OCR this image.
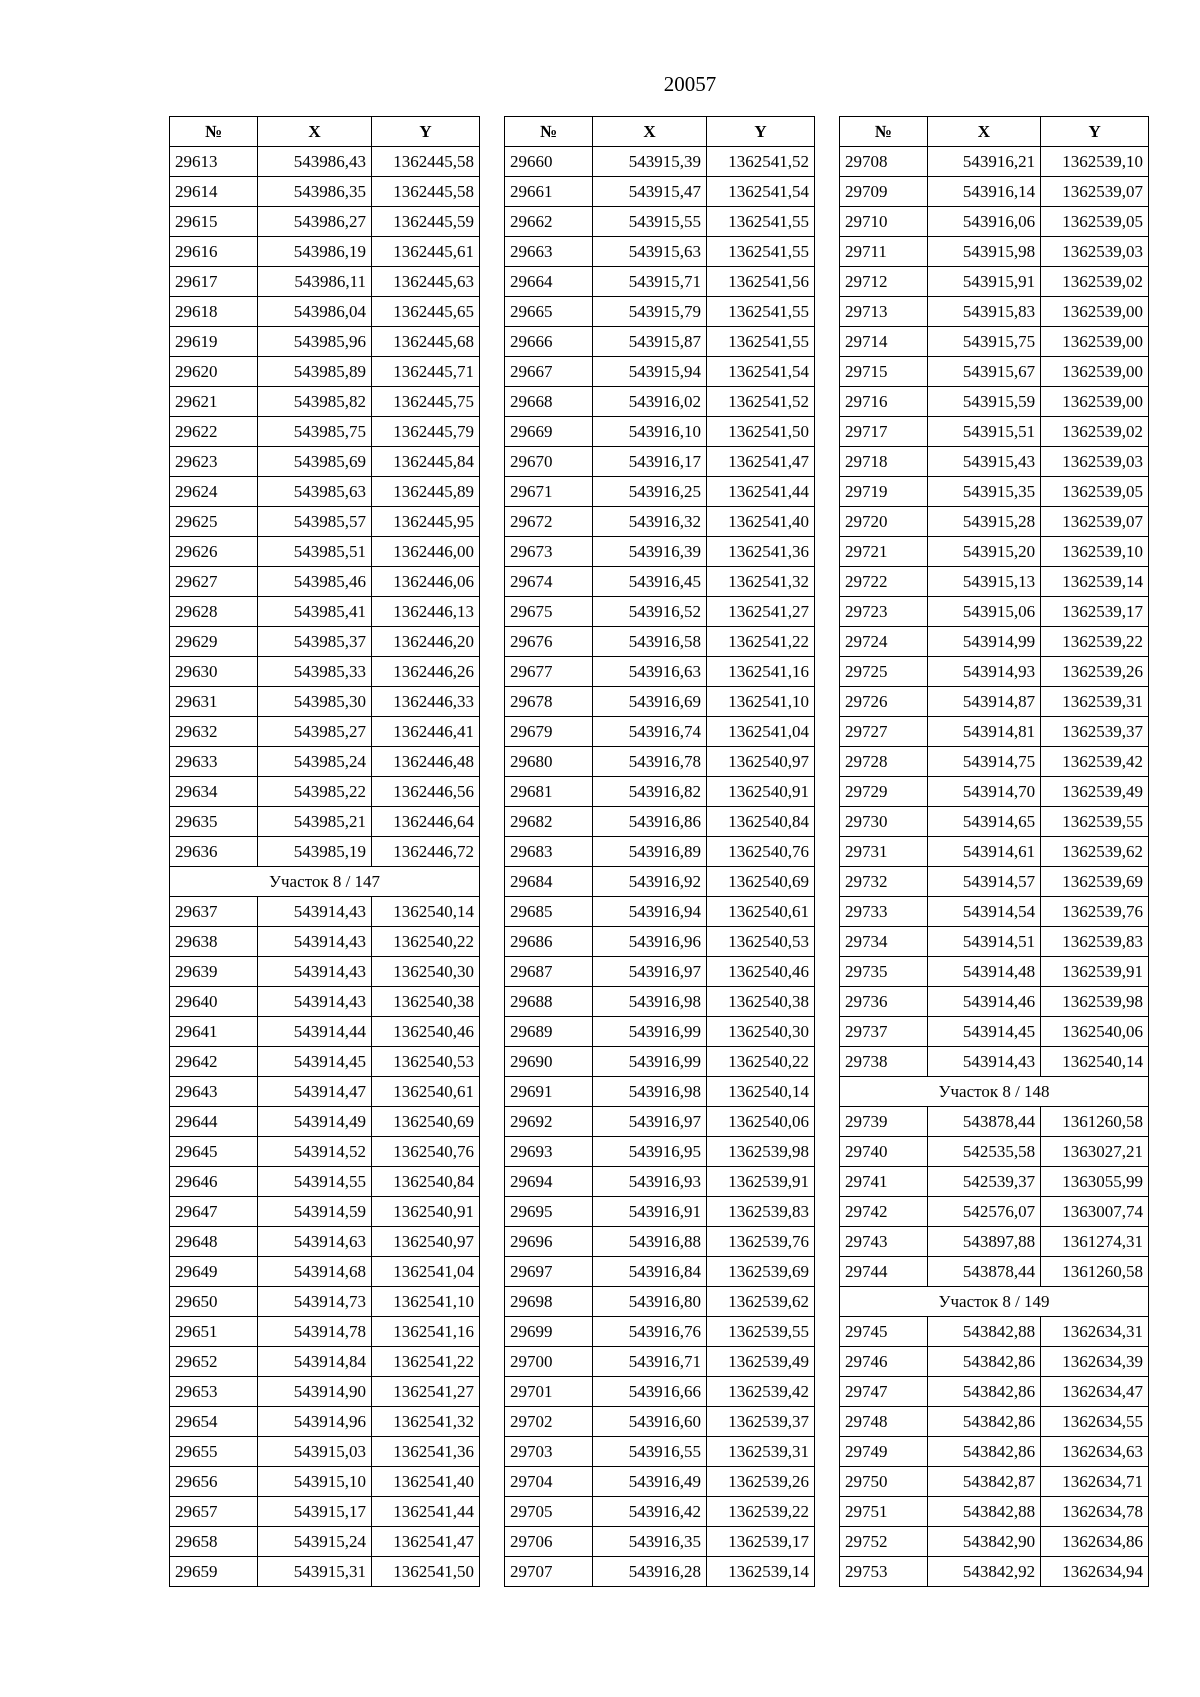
20057
№	X	Y
29613	543986,43	1362445,58
29614	543986,35	1362445,58
29615	543986,27	1362445,59
29616	543986,19	1362445,61
29617	543986,11	1362445,63
29618	543986,04	1362445,65
29619	543985,96	1362445,68
29620	543985,89	1362445,71
29621	543985,82	1362445,75
29622	543985,75	1362445,79
29623	543985,69	1362445,84
29624	543985,63	1362445,89
29625	543985,57	1362445,95
29626	543985,51	1362446,00
29627	543985,46	1362446,06
29628	543985,41	1362446,13
29629	543985,37	1362446,20
29630	543985,33	1362446,26
29631	543985,30	1362446,33
29632	543985,27	1362446,41
29633	543985,24	1362446,48
29634	543985,22	1362446,56
29635	543985,21	1362446,64
29636	543985,19	1362446,72
Участок 8 / 147		
29637	543914,43	1362540,14
29638	543914,43	1362540,22
29639	543914,43	1362540,30
29640	543914,43	1362540,38
29641	543914,44	1362540,46
29642	543914,45	1362540,53
29643	543914,47	1362540,61
29644	543914,49	1362540,69
29645	543914,52	1362540,76
29646	543914,55	1362540,84
29647	543914,59	1362540,91
29648	543914,63	1362540,97
29649	543914,68	1362541,04
29650	543914,73	1362541,10
29651	543914,78	1362541,16
29652	543914,84	1362541,22
29653	543914,90	1362541,27
29654	543914,96	1362541,32
29655	543915,03	1362541,36
29656	543915,10	1362541,40
29657	543915,17	1362541,44
29658	543915,24	1362541,47
29659	543915,31	1362541,50
№	X	Y
29660	543915,39	1362541,52
29661	543915,47	1362541,54
29662	543915,55	1362541,55
29663	543915,63	1362541,55
29664	543915,71	1362541,56
29665	543915,79	1362541,55
29666	543915,87	1362541,55
29667	543915,94	1362541,54
29668	543916,02	1362541,52
29669	543916,10	1362541,50
29670	543916,17	1362541,47
29671	543916,25	1362541,44
29672	543916,32	1362541,40
29673	543916,39	1362541,36
29674	543916,45	1362541,32
29675	543916,52	1362541,27
29676	543916,58	1362541,22
29677	543916,63	1362541,16
29678	543916,69	1362541,10
29679	543916,74	1362541,04
29680	543916,78	1362540,97
29681	543916,82	1362540,91
29682	543916,86	1362540,84
29683	543916,89	1362540,76
29684	543916,92	1362540,69
29685	543916,94	1362540,61
29686	543916,96	1362540,53
29687	543916,97	1362540,46
29688	543916,98	1362540,38
29689	543916,99	1362540,30
29690	543916,99	1362540,22
29691	543916,98	1362540,14
29692	543916,97	1362540,06
29693	543916,95	1362539,98
29694	543916,93	1362539,91
29695	543916,91	1362539,83
29696	543916,88	1362539,76
29697	543916,84	1362539,69
29698	543916,80	1362539,62
29699	543916,76	1362539,55
29700	543916,71	1362539,49
29701	543916,66	1362539,42
29702	543916,60	1362539,37
29703	543916,55	1362539,31
29704	543916,49	1362539,26
29705	543916,42	1362539,22
29706	543916,35	1362539,17
29707	543916,28	1362539,14
№	X	Y
29708	543916,21	1362539,10
29709	543916,14	1362539,07
29710	543916,06	1362539,05
29711	543915,98	1362539,03
29712	543915,91	1362539,02
29713	543915,83	1362539,00
29714	543915,75	1362539,00
29715	543915,67	1362539,00
29716	543915,59	1362539,00
29717	543915,51	1362539,02
29718	543915,43	1362539,03
29719	543915,35	1362539,05
29720	543915,28	1362539,07
29721	543915,20	1362539,10
29722	543915,13	1362539,14
29723	543915,06	1362539,17
29724	543914,99	1362539,22
29725	543914,93	1362539,26
29726	543914,87	1362539,31
29727	543914,81	1362539,37
29728	543914,75	1362539,42
29729	543914,70	1362539,49
29730	543914,65	1362539,55
29731	543914,61	1362539,62
29732	543914,57	1362539,69
29733	543914,54	1362539,76
29734	543914,51	1362539,83
29735	543914,48	1362539,91
29736	543914,46	1362539,98
29737	543914,45	1362540,06
29738	543914,43	1362540,14
Участок 8 / 148		
29739	543878,44	1361260,58
29740	542535,58	1363027,21
29741	542539,37	1363055,99
29742	542576,07	1363007,74
29743	543897,88	1361274,31
29744	543878,44	1361260,58
Участок 8 / 149		
29745	543842,88	1362634,31
29746	543842,86	1362634,39
29747	543842,86	1362634,47
29748	543842,86	1362634,55
29749	543842,86	1362634,63
29750	543842,87	1362634,71
29751	543842,88	1362634,78
29752	543842,90	1362634,86
29753	543842,92	1362634,94
